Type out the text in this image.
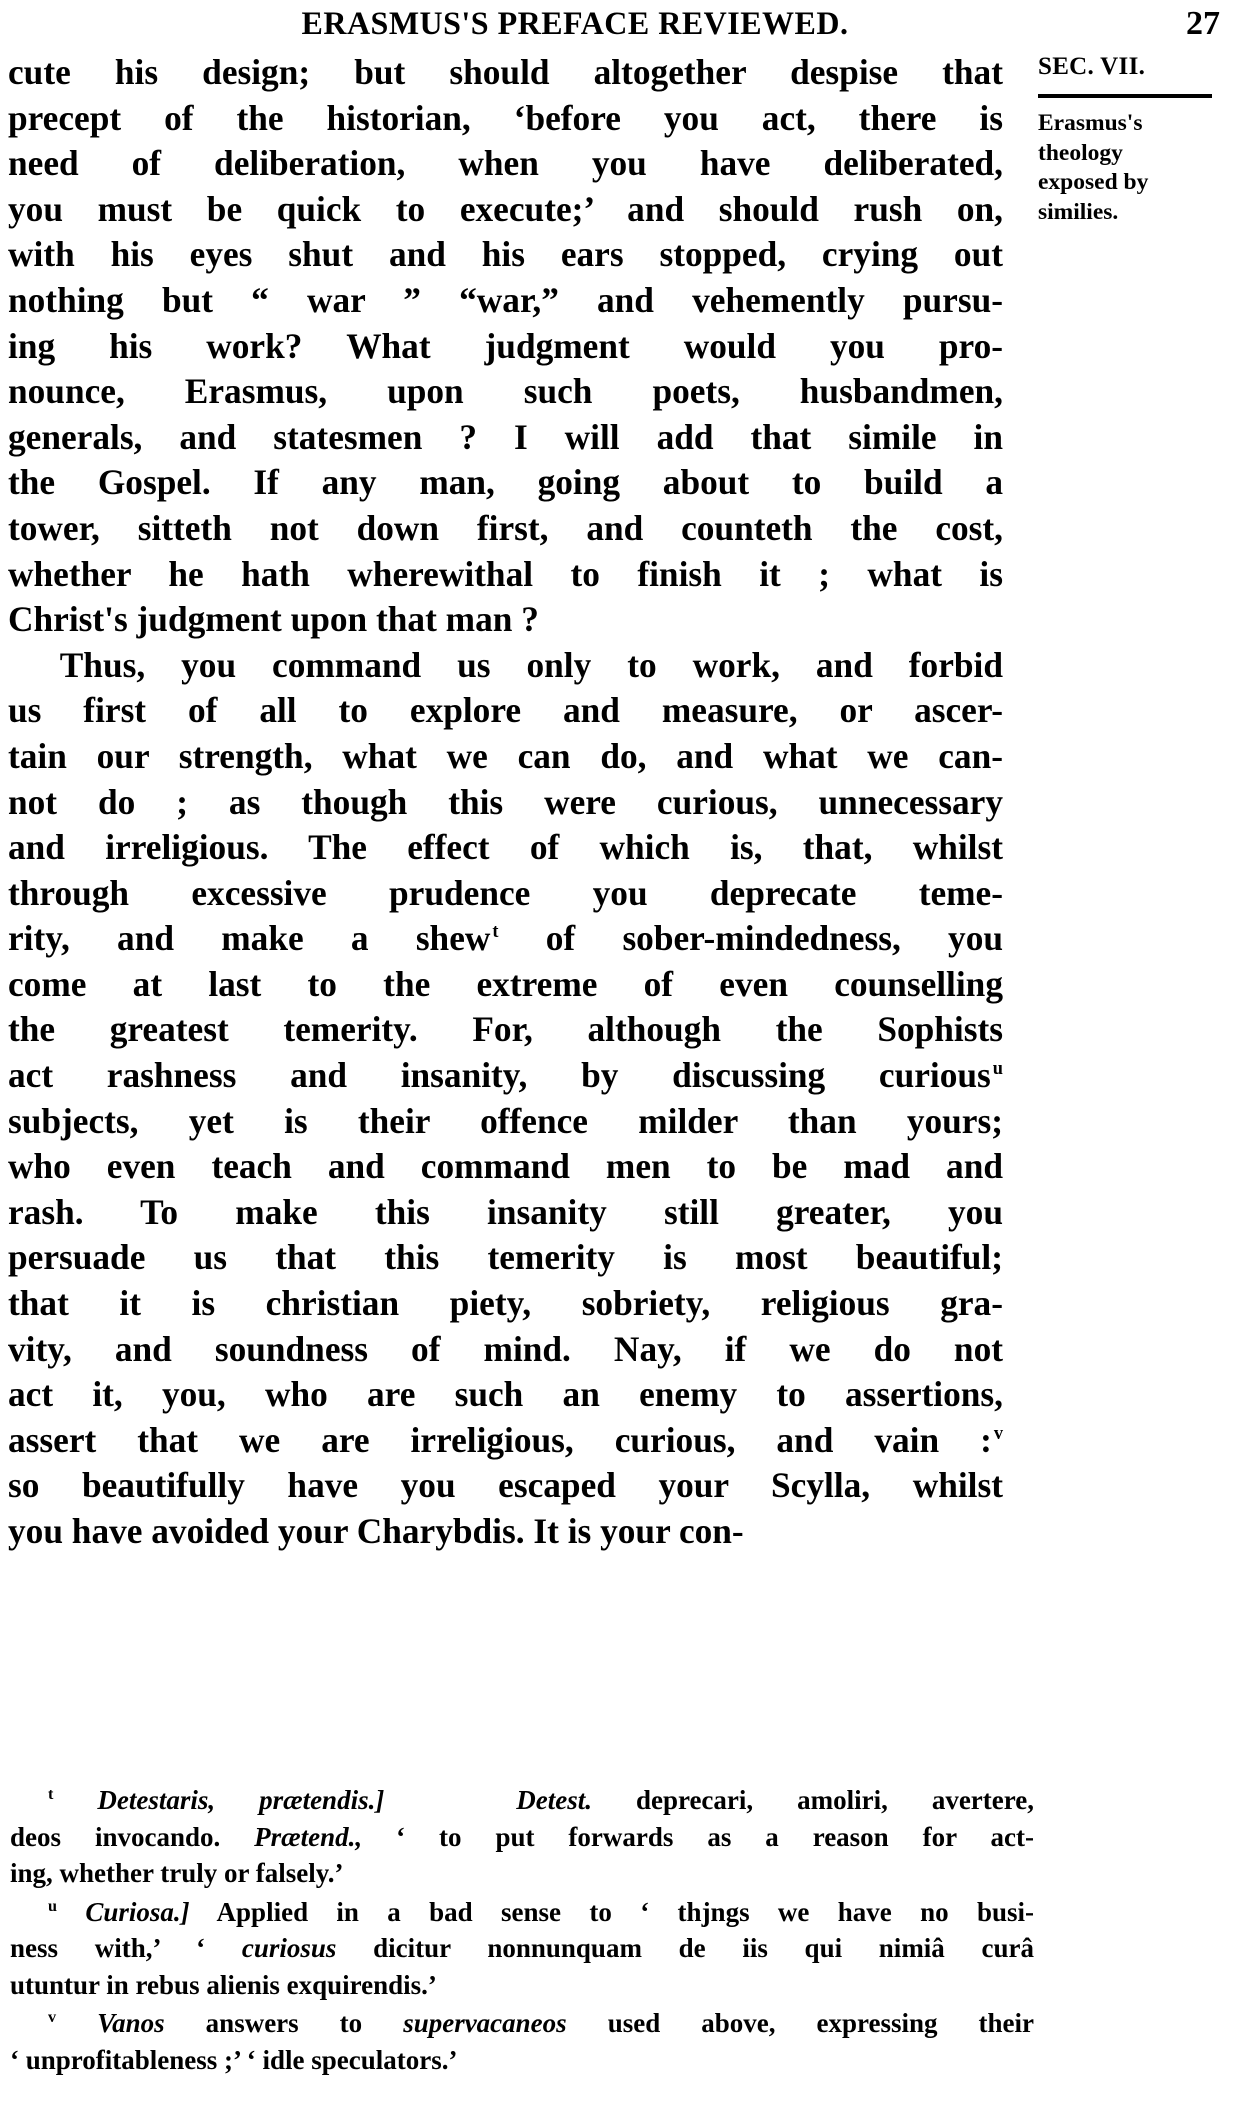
ERASMUS'S PREFACE REVIEWED.	27
SEC. VII.
Erasmus's
theology
exposed by
similies.
cute his design; but should altogether despise that
precept of the historian, ‘before you act, there is
need of deliberation, when you have deliberated,
you must be quick to execute;’ and should rush on,
with his eyes shut and his ears stopped, crying out
nothing but “ war ” “war,” and vehemently pursu-
ing his work? What judgment would you pro-
nounce, Erasmus, upon such poets, husbandmen,
generals, and statesmen ? I will add that simile in
the Gospel. If any man, going about to build a
tower, sitteth not down first, and counteth the cost,
whether he hath wherewithal to finish it ; what is
Christ's judgment upon that man ?
Thus, you command us only to work, and forbid
us first of all to explore and measure, or ascer-
tain our strength, what we can do, and what we can-
not do ; as though this were curious, unnecessary
and irreligious. The effect of which is, that, whilst
through excessive prudence you deprecate teme-
rity, and make a shew $^t$ of sober-mindedness, you
come at last to the extreme of even counselling
the greatest temerity. For, although the Sophists
act rashness and insanity, by discussing curious $^u$
subjects, yet is their offence milder than yours;
who even teach and command men to be mad and
rash. To make this insanity still greater, you
persuade us that this temerity is most beautiful;
that it is christian piety, sobriety, religious gra-
vity, and soundness of mind. Nay, if we do not
act it, you, who are such an enemy to assertions,
assert that we are irreligious, curious, and vain : $^v$
so beautifully have you escaped your Scylla, whilst
you have avoided your Charybdis. It is your con-
$^t$ Detestaris, prætendis.]	Detest. deprecari, amoliri, avertere,
deos invocando. Prætend., ‘ to put forwards as a reason for act-
ing, whether truly or falsely.’
$^u$ Curiosa.] Applied in a bad sense to ‘ thjngs we have no busi-
ness with,’ ‘ curiosus dicitur nonnunquam de iis qui nimiâ curâ
utuntur in rebus alienis exquirendis.’
$^v$ Vanos answers to supervacaneos used above, expressing their
‘ unprofitableness ;’ ‘ idle speculators.’
